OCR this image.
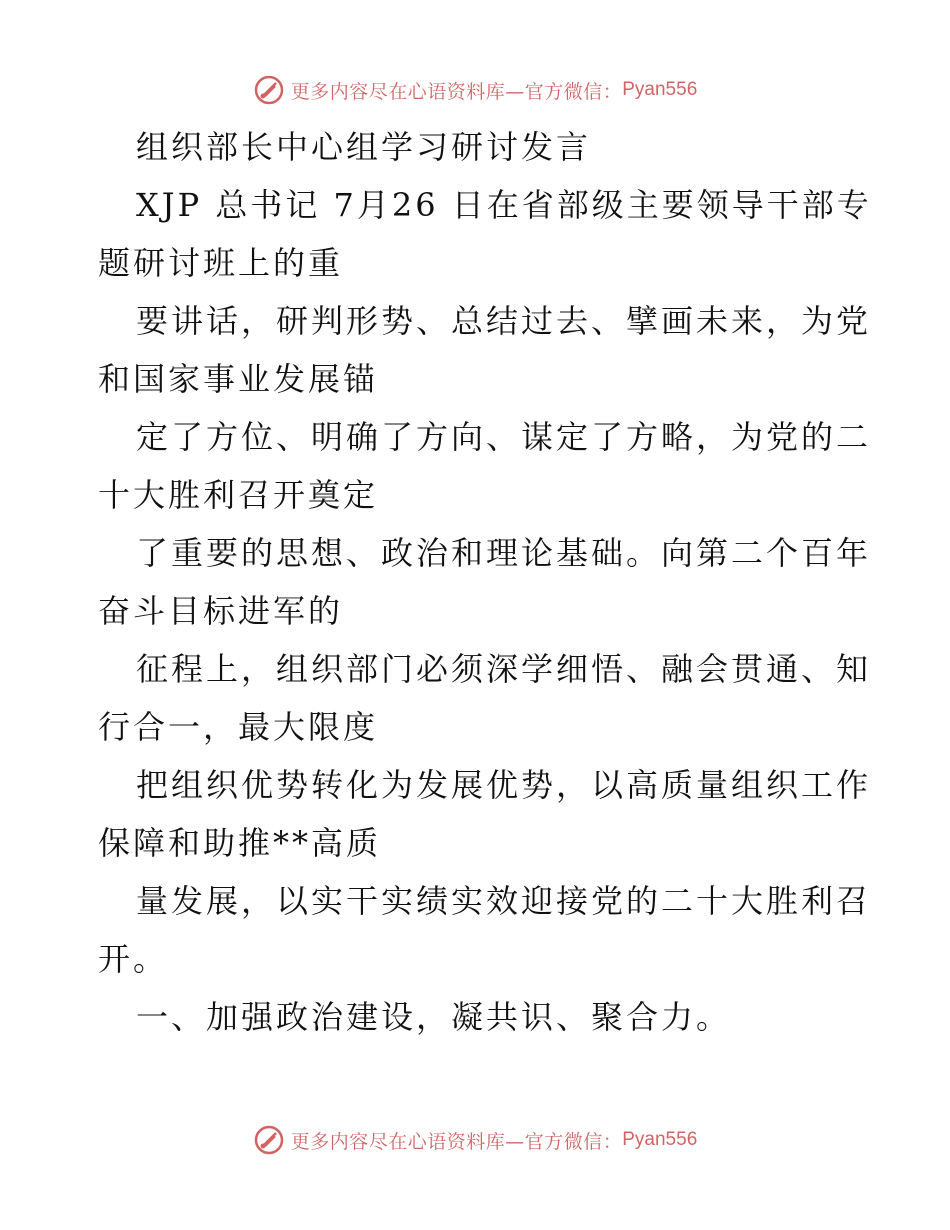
更多内容尽在心语资料库—官方微信： Pyan556

组织部长中心组学习研讨发言

XJP 总书记 7月26 日在省部级主要领导干部专

题研讨班上的重

要讲话，研判形势、总结过去、擘画未来，为党

和国家事业发展锚

定了方位、明确了方向、谋定了方略，为党的二

十大胜利召开奠定

了重要的思想、政治和理论基础。向第二个百年

奋斗目标进军的

征程上，组织部门必须深学细悟、融会贯通、知

行合一，最大限度

把组织优势转化为发展优势，以高质量组织工作

保障和助推**高质

量发展，以实干实绩实效迎接党的二十大胜利召

开。

一、加强政治建设，凝共识、聚合力。

更多内容尽在心语资料库—官方微信： Pyan556
